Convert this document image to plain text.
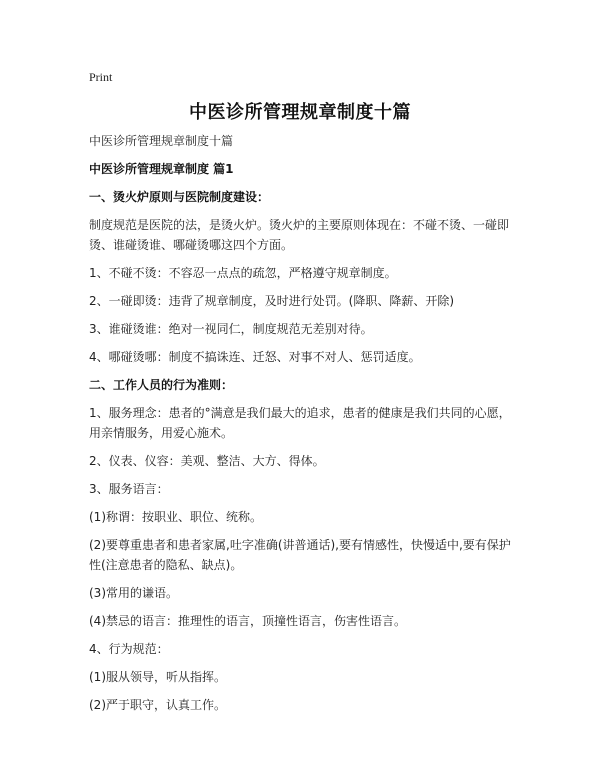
Print
中医诊所管理规章制度十篇

中医诊所管理规章制度十篇

中医诊所管理规章制度 篇1

一、烫火炉原则与医院制度建设：

制度规范是医院的法，是烫火炉。烫火炉的主要原则体现在：不碰不烫、一碰即烫、谁碰烫谁、哪碰烫哪这四个方面。

1、不碰不烫：不容忍一点点的疏忽，严格遵守规章制度。

2、一碰即烫：违背了规章制度，及时进行处罚。(降职、降薪、开除)

3、谁碰烫谁：绝对一视同仁，制度规范无差别对待。

4、哪碰烫哪：制度不搞诛连、迁怒、对事不对人、惩罚适度。

二、工作人员的行为准则：

1、服务理念：患者的°满意是我们最大的追求，患者的健康是我们共同的心愿，用亲情服务，用爱心施术。

2、仪表、仪容：美观、整洁、大方、得体。

3、服务语言：

(1)称谓：按职业、职位、统称。

(2)要尊重患者和患者家属,吐字准确(讲普通话),要有情感性，快慢适中,要有保护性(注意患者的隐私、缺点)。

(3)常用的谦语。

(4)禁忌的语言：推理性的语言，顶撞性语言，伤害性语言。

4、行为规范：

(1)服从领导，听从指挥。

(2)严于职守，认真工作。
